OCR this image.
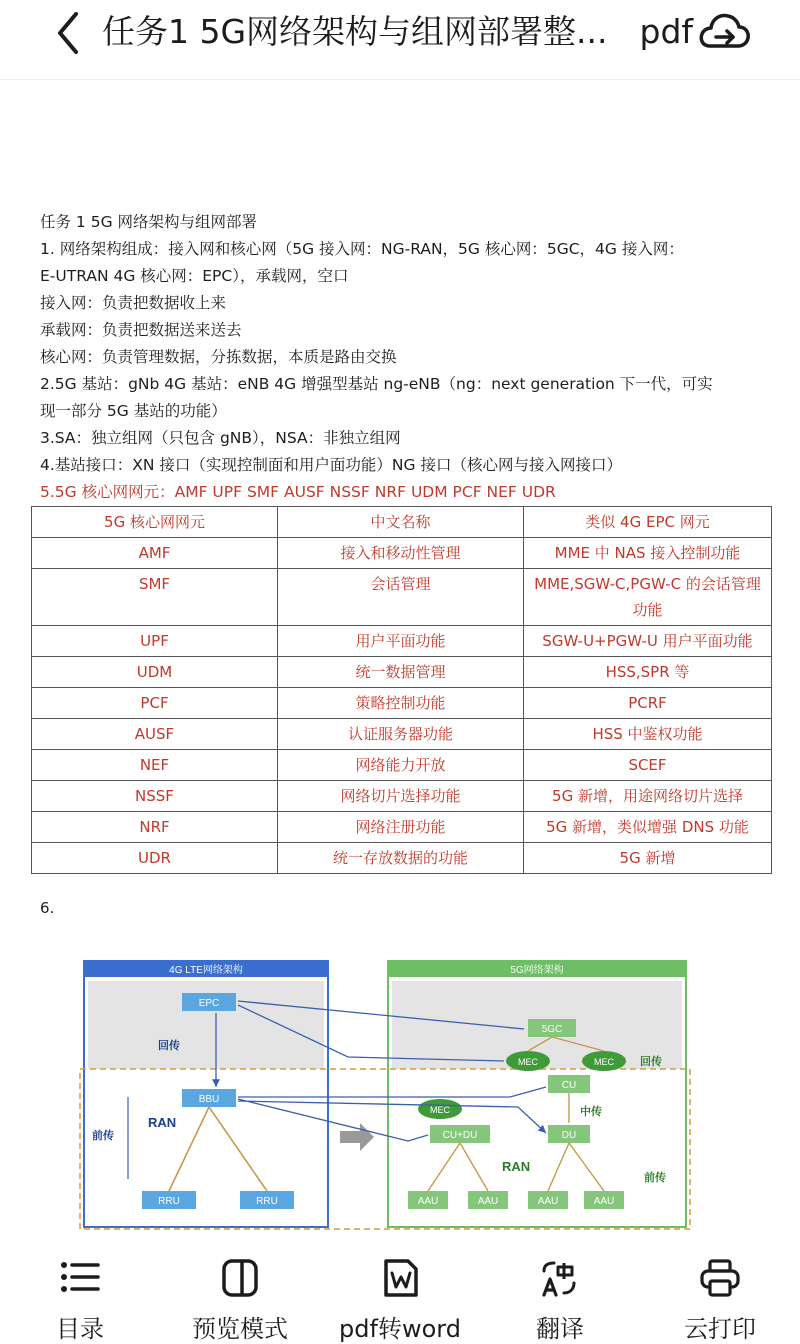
任务1 5G网络架构与组网部署整... pdf

任务 1 5G 网络架构与组网部署

1. 网络架构组成：接入网和核心网（5G 接入网：NG-RAN，5G 核心网：5GC，4G 接入网：

E-UTRAN 4G 核心网：EPC），承载网，空口

接入网：负责把数据收上来

承载网：负责把数据送来送去

核心网：负责管理数据，分拣数据，本质是路由交换

2.5G 基站：gNb 4G 基站：eNB 4G 增强型基站 ng-eNB（ng：next generation 下一代，可实

现一部分 5G 基站的功能）

3.SA：独立组网（只包含 gNB），NSA：非独立组网

4.基站接口：XN 接口（实现控制面和用户面功能）NG 接口（核心网与接入网接口）

5.5G 核心网网元：AMF UPF SMF AUSF NSSF NRF UDM PCF NEF UDR

5G 核心网网元	中文名称	类似 4G EPC 网元
AMF	接入和移动性管理	MME 中 NAS 接入控制功能
SMF	会话管理	MME,SGW-C,PGW-C 的会话管理功能
UPF	用户平面功能	SGW-U+PGW-U 用户平面功能
UDM	统一数据管理	HSS,SPR 等
PCF	策略控制功能	PCRF
AUSF	认证服务器功能	HSS 中鉴权功能
NEF	网络能力开放	SCEF
NSSF	网络切片选择功能	5G 新增，用途网络切片选择
NRF	网络注册功能	5G 新增，类似增强 DNS 功能
UDR	统一存放数据的功能	5G 新增
6.
4G LTE网络架构	5G网络架构
EPC
BBU
RRU	RRU
回传
前传
RAN
5GC
MEC	MEC
CU
MEC
CU+DU	DU
中传
RAN
回传
前传
AAU	AAU	AAU	AAU
目录	预览模式	pdf转word	翻译	云打印
